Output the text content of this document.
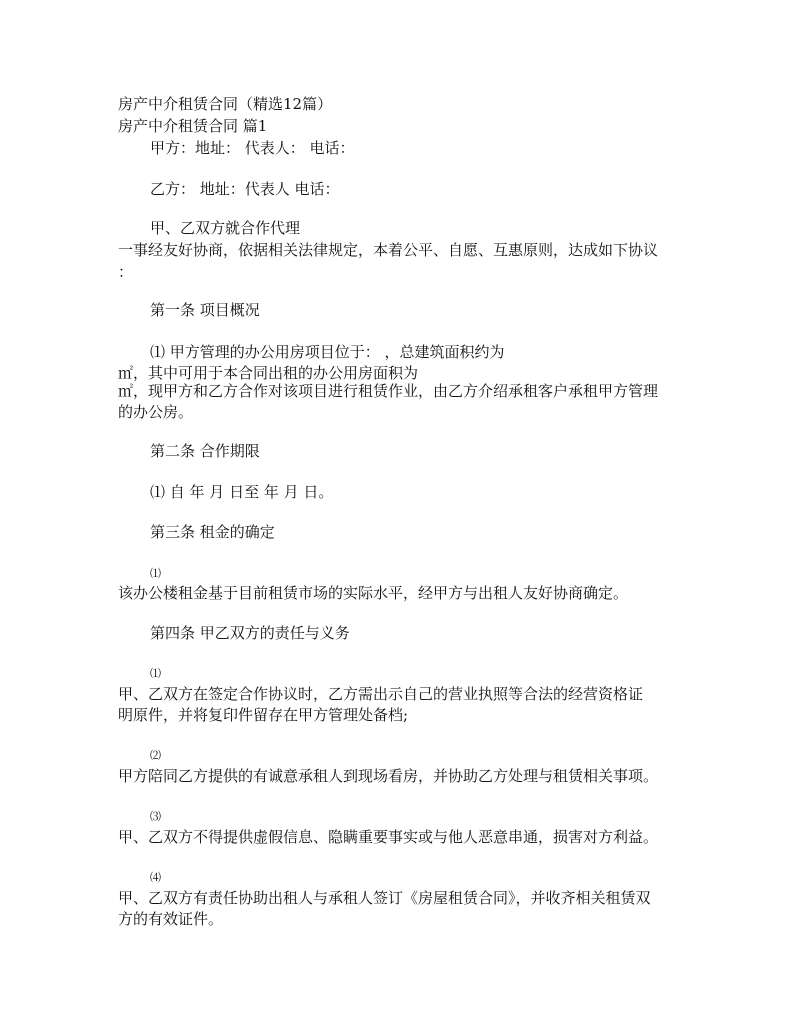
房产中介租赁合同（精选12篇）
房产中介租赁合同 篇1
甲方：地址： 代表人： 电话：
乙方： 地址：代表人 电话：
甲、乙双方就合作代理
一事经友好协商，依据相关法律规定，本着公平、自愿、互惠原则，达成如下协议
：
第一条 项目概况
⑴ 甲方管理的办公用房项目位于： ，总建筑面积约为
㎡，其中可用于本合同出租的办公用房面积为
㎡，现甲方和乙方合作对该项目进行租赁作业，由乙方介绍承租客户承租甲方管理
的办公房。
第二条 合作期限
⑴ 自 年 月 日至 年 月 日。
第三条 租金的确定
⑴
该办公楼租金基于目前租赁市场的实际水平，经甲方与出租人友好协商确定。
第四条 甲乙双方的责任与义务
⑴
甲、乙双方在签定合作协议时，乙方需出示自己的营业执照等合法的经营资格证
明原件，并将复印件留存在甲方管理处备档;
⑵
甲方陪同乙方提供的有诚意承租人到现场看房，并协助乙方处理与租赁相关事项。
⑶
甲、乙双方不得提供虚假信息、隐瞒重要事实或与他人恶意串通，损害对方利益。
⑷
甲、乙双方有责任协助出租人与承租人签订《房屋租赁合同》，并收齐相关租赁双
方的有效证件。
